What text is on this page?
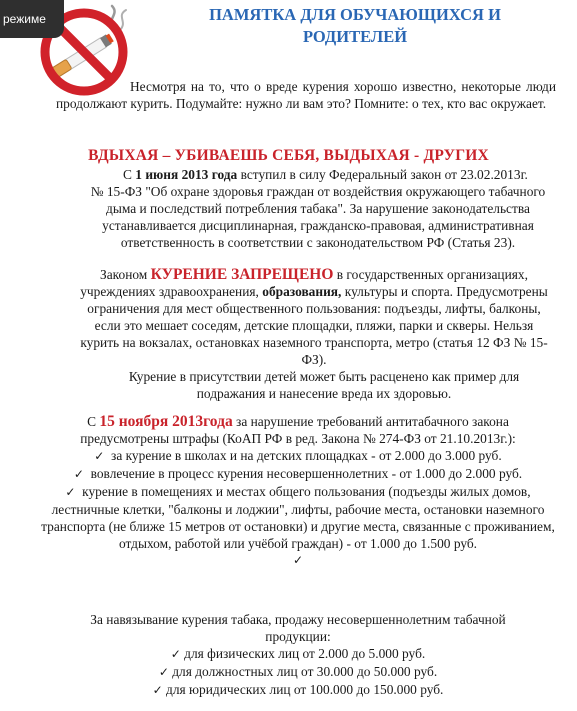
режиме	ПАМЯТКА ДЛЯ ОБУЧАЮЩИХСЯ И
РОДИТЕЛЕЙ
Несмотря на то, что о вреде курения хорошо известно, некоторые люди продолжают курить. Подумайте: нужно ли вам это? Помните: о тех, кто вас окружает.
ВДЫХАЯ – УБИВАЕШЬ СЕБЯ, ВЫДЫХАЯ - ДРУГИХ
С 1 июня 2013 года вступил в силу Федеральный закон от 23.02.2013г.
№ 15-ФЗ "Об охране здоровья граждан от воздействия окружающего табачного дыма и последствий потребления табака". За нарушение законодательства устанавливается дисциплинарная, гражданско-правовая, административная ответственность в соответствии с законодательством РФ (Статья 23).
Законом КУРЕНИЕ ЗАПРЕЩЕНО в государственных организациях, учреждениях здравоохранения, образования, культуры и спорта. Предусмотрены ограничения для мест общественного пользования: подъезды, лифты, балконы, если это мешает соседям, детские площадки, пляжи, парки и скверы. Нельзя курить на вокзалах, остановках наземного транспорта, метро (статья 12 ФЗ № 15-ФЗ).
Курение в присутствии детей может быть расценено как пример для подражания и нанесение вреда их здоровью.
С 15 ноября 2013года за нарушение требований антитабачного закона предусмотрены штрафы (КоАП РФ в ред. Закона № 274-ФЗ от 21.10.2013г.):
✓ за курение в школах и на детских площадках - от 2.000 до 3.000 руб.
✓ вовлечение в процесс курения несовершеннолетних - от 1.000 до 2.000 руб.
✓ курение в помещениях и местах общего пользования (подъезды жилых домов, лестничные клетки, "балконы и лоджии", лифты, рабочие места, остановки наземного транспорта (не ближе 15 метров от остановки) и другие места, связанные с проживанием, отдыхом, работой или учёбой граждан) - от 1.000 до 1.500 руб.
✓
За навязывание курения табака, продажу несовершеннолетним табачной продукции:
✓ для физических лиц от 2.000 до 5.000 руб.
✓ для должностных лиц от 30.000 до 50.000 руб.
✓ для юридических лиц от 100.000 до 150.000 руб.
